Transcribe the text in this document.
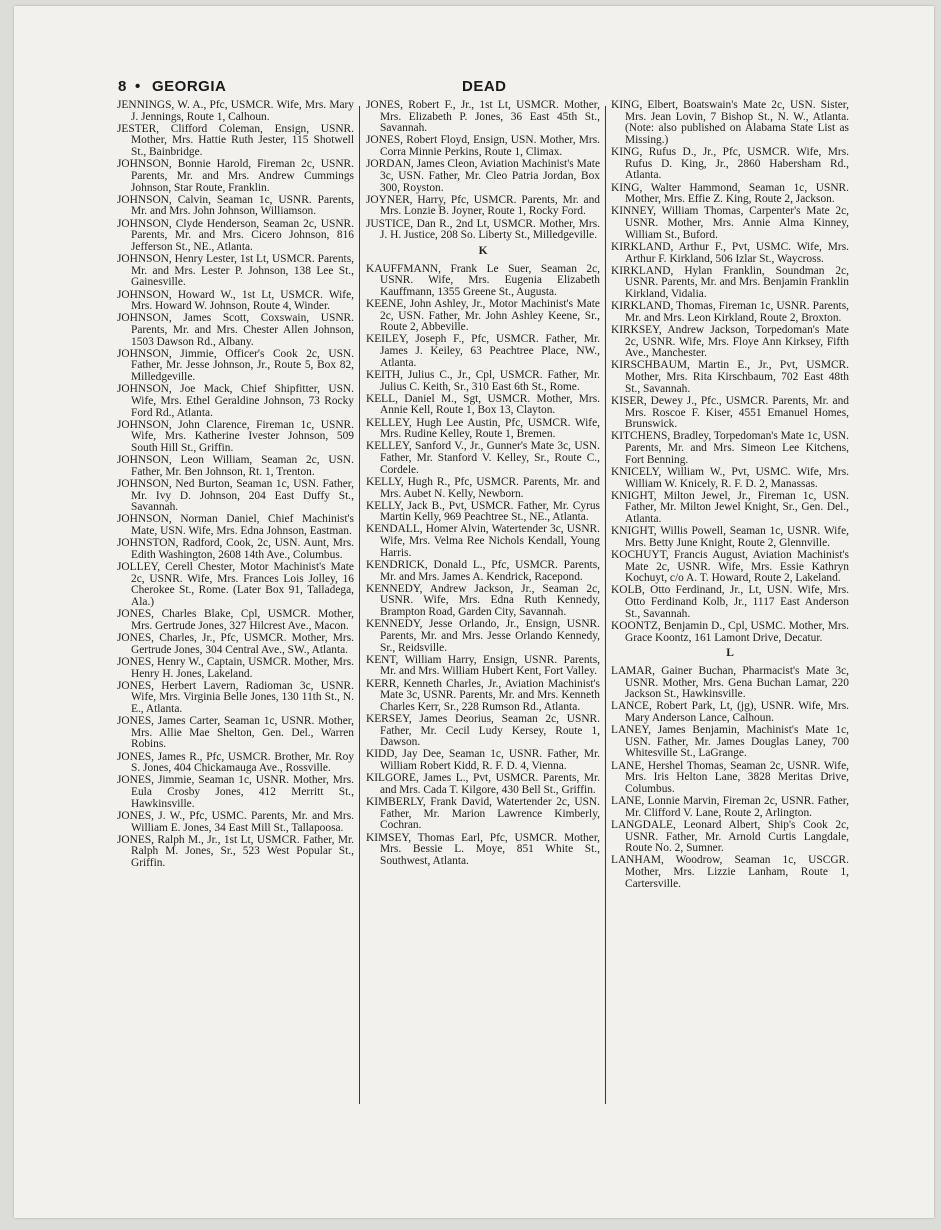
8 • GEORGIA	DEAD
JENNINGS, W. A., Pfc, USMCR. Wife, Mrs. Mary J. Jennings, Route 1, Calhoun.
JESTER, Clifford Coleman, Ensign, USNR. Mother, Mrs. Hattie Ruth Jester, 115 Shotwell St., Bainbridge.
JOHNSON, Bonnie Harold, Fireman 2c, USNR. Parents, Mr. and Mrs. Andrew Cummings Johnson, Star Route, Franklin.
JOHNSON, Calvin, Seaman 1c, USNR. Parents, Mr. and Mrs. John Johnson, Williamson.
JOHNSON, Clyde Henderson, Seaman 2c, USNR. Parents, Mr. and Mrs. Cicero Johnson, 816 Jefferson St., NE., Atlanta.
JOHNSON, Henry Lester, 1st Lt, USMCR. Parents, Mr. and Mrs. Lester P. Johnson, 138 Lee St., Gainesville.
JOHNSON, Howard W., 1st Lt, USMCR. Wife, Mrs. Howard W. Johnson, Route 4, Winder.
JOHNSON, James Scott, Coxswain, USNR. Parents, Mr. and Mrs. Chester Allen Johnson, 1503 Dawson Rd., Albany.
JOHNSON, Jimmie, Officer's Cook 2c, USN. Father, Mr. Jesse Johnson, Jr., Route 5, Box 82, Milledgeville.
JOHNSON, Joe Mack, Chief Shipfitter, USN. Wife, Mrs. Ethel Geraldine Johnson, 73 Rocky Ford Rd., Atlanta.
JOHNSON, John Clarence, Fireman 1c, USNR. Wife, Mrs. Katherine Ivester Johnson, 509 South Hill St., Griffin.
JOHNSON, Leon William, Seaman 2c, USN. Father, Mr. Ben Johnson, Rt. 1, Trenton.
JOHNSON, Ned Burton, Seaman 1c, USN. Father, Mr. Ivy D. Johnson, 204 East Duffy St., Savannah.
JOHNSON, Norman Daniel, Chief Machinist's Mate, USN. Wife, Mrs. Edna Johnson, Eastman.
JOHNSTON, Radford, Cook, 2c, USN. Aunt, Mrs. Edith Washington, 2608 14th Ave., Columbus.
JOLLEY, Cerell Chester, Motor Machinist's Mate 2c, USNR. Wife, Mrs. Frances Lois Jolley, 16 Cherokee St., Rome. (Later Box 91, Talladega, Ala.)
JONES, Charles Blake, Cpl, USMCR. Mother, Mrs. Gertrude Jones, 327 Hilcrest Ave., Macon.
JONES, Charles, Jr., Pfc, USMCR. Mother, Mrs. Gertrude Jones, 304 Central Ave., SW., Atlanta.
JONES, Henry W., Captain, USMCR. Mother, Mrs. Henry H. Jones, Lakeland.
JONES, Herbert Lavern, Radioman 3c, USNR. Wife, Mrs. Virginia Belle Jones, 130 11th St., N. E., Atlanta.
JONES, James Carter, Seaman 1c, USNR. Mother, Mrs. Allie Mae Shelton, Gen. Del., Warren Robins.
JONES, James R., Pfc, USMCR. Brother, Mr. Roy S. Jones, 404 Chickamauga Ave., Rossville.
JONES, Jimmie, Seaman 1c, USNR. Mother, Mrs. Eula Crosby Jones, 412 Merritt St., Hawkinsville.
JONES, J. W., Pfc, USMC. Parents, Mr. and Mrs. William E. Jones, 34 East Mill St., Tallapoosa.
JONES, Ralph M., Jr., 1st Lt, USMCR. Father, Mr. Ralph M. Jones, Sr., 523 West Popular St., Griffin.
JONES, Robert F., Jr., 1st Lt, USMCR. Mother, Mrs. Elizabeth P. Jones, 36 East 45th St., Savannah.
JONES, Robert Floyd, Ensign, USN. Mother, Mrs. Corra Minnie Perkins, Route 1, Climax.
JORDAN, James Cleon, Aviation Machinist's Mate 3c, USN. Father, Mr. Cleo Patria Jordan, Box 300, Royston.
JOYNER, Harry, Pfc, USMCR. Parents, Mr. and Mrs. Lonzie B. Joyner, Route 1, Rocky Ford.
JUSTICE, Dan R., 2nd Lt, USMCR. Mother, Mrs. J. H. Justice, 208 So. Liberty St., Milledgeville.
K
KAUFFMANN, Frank Le Suer, Seaman 2c, USNR. Wife, Mrs. Eugenia Elizabeth Kauffmann, 1355 Greene St., Augusta.
KEENE, John Ashley, Jr., Motor Machinist's Mate 2c, USN. Father, Mr. John Ashley Keene, Sr., Route 2, Abbeville.
KEILEY, Joseph F., Pfc, USMCR. Father, Mr. James J. Keiley, 63 Peachtree Place, NW., Atlanta.
KEITH, Julius C., Jr., Cpl, USMCR. Father, Mr. Julius C. Keith, Sr., 310 East 6th St., Rome.
KELL, Daniel M., Sgt, USMCR. Mother, Mrs. Annie Kell, Route 1, Box 13, Clayton.
KELLEY, Hugh Lee Austin, Pfc, USMCR. Wife, Mrs. Rudine Kelley, Route 1, Bremen.
KELLEY, Sanford V., Jr., Gunner's Mate 3c, USN. Father, Mr. Stanford V. Kelley, Sr., Route C., Cordele.
KELLY, Hugh R., Pfc, USMCR. Parents, Mr. and Mrs. Aubet N. Kelly, Newborn.
KELLY, Jack B., Pvt, USMCR. Father, Mr. Cyrus Martin Kelly, 969 Peachtree St., NE., Atlanta.
KENDALL, Homer Alvin, Watertender 3c, USNR. Wife, Mrs. Velma Ree Nichols Kendall, Young Harris.
KENDRICK, Donald L., Pfc, USMCR. Parents, Mr. and Mrs. James A. Kendrick, Racepond.
KENNEDY, Andrew Jackson, Jr., Seaman 2c, USNR. Wife, Mrs. Edna Ruth Kennedy, Brampton Road, Garden City, Savannah.
KENNEDY, Jesse Orlando, Jr., Ensign, USNR. Parents, Mr. and Mrs. Jesse Orlando Kennedy, Sr., Reidsville.
KENT, William Harry, Ensign, USNR. Parents, Mr. and Mrs. William Hubert Kent, Fort Valley.
KERR, Kenneth Charles, Jr., Aviation Machinist's Mate 3c, USNR. Parents, Mr. and Mrs. Kenneth Charles Kerr, Sr., 228 Rumson Rd., Atlanta.
KERSEY, James Deorius, Seaman 2c, USNR. Father, Mr. Cecil Ludy Kersey, Route 1, Dawson.
KIDD, Jay Dee, Seaman 1c, USNR. Father, Mr. William Robert Kidd, R. F. D. 4, Vienna.
KILGORE, James L., Pvt, USMCR. Parents, Mr. and Mrs. Cada T. Kilgore, 430 Bell St., Griffin.
KIMBERLY, Frank David, Watertender 2c, USN. Father, Mr. Marion Lawrence Kimberly, Cochran.
KIMSEY, Thomas Earl, Pfc, USMCR. Mother, Mrs. Bessie L. Moye, 851 White St., Southwest, Atlanta.
KING, Elbert, Boatswain's Mate 2c, USN. Sister, Mrs. Jean Lovin, 7 Bishop St., N. W., Atlanta. (Note: also published on Alabama State List as Missing.)
KING, Rufus D., Jr., Pfc, USMCR. Wife, Mrs. Rufus D. King, Jr., 2860 Habersham Rd., Atlanta.
KING, Walter Hammond, Seaman 1c, USNR. Mother, Mrs. Effie Z. King, Route 2, Jackson.
KINNEY, William Thomas, Carpenter's Mate 2c, USNR. Mother, Mrs. Annie Alma Kinney, William St., Buford.
KIRKLAND, Arthur F., Pvt, USMC. Wife, Mrs. Arthur F. Kirkland, 506 Izlar St., Waycross.
KIRKLAND, Hylan Franklin, Soundman 2c, USNR. Parents, Mr. and Mrs. Benjamin Franklin Kirkland, Vidalia.
KIRKLAND, Thomas, Fireman 1c, USNR. Parents, Mr. and Mrs. Leon Kirkland, Route 2, Broxton.
KIRKSEY, Andrew Jackson, Torpedoman's Mate 2c, USNR. Wife, Mrs. Floye Ann Kirksey, Fifth Ave., Manchester.
KIRSCHBAUM, Martin E., Jr., Pvt, USMCR. Mother, Mrs. Rita Kirschbaum, 702 East 48th St., Savannah.
KISER, Dewey J., Pfc., USMCR. Parents, Mr. and Mrs. Roscoe F. Kiser, 4551 Emanuel Homes, Brunswick.
KITCHENS, Bradley, Torpedoman's Mate 1c, USN. Parents, Mr. and Mrs. Simeon Lee Kitchens, Fort Benning.
KNICELY, William W., Pvt, USMC. Wife, Mrs. William W. Knicely, R. F. D. 2, Manassas.
KNIGHT, Milton Jewel, Jr., Fireman 1c, USN. Father, Mr. Milton Jewel Knight, Sr., Gen. Del., Atlanta.
KNIGHT, Willis Powell, Seaman 1c, USNR. Wife, Mrs. Betty June Knight, Route 2, Glennville.
KOCHUYT, Francis August, Aviation Machinist's Mate 2c, USNR. Wife, Mrs. Essie Kathryn Kochuyt, c/o A. T. Howard, Route 2, Lakeland.
KOLB, Otto Ferdinand, Jr., Lt, USN. Wife, Mrs. Otto Ferdinand Kolb, Jr., 1117 East Anderson St., Savannah.
KOONTZ, Benjamin D., Cpl, USMC. Mother, Mrs. Grace Koontz, 161 Lamont Drive, Decatur.
L
LAMAR, Gainer Buchan, Pharmacist's Mate 3c, USNR. Mother, Mrs. Gena Buchan Lamar, 220 Jackson St., Hawkinsville.
LANCE, Robert Park, Lt, (jg), USNR. Wife, Mrs. Mary Anderson Lance, Calhoun.
LANEY, James Benjamin, Machinist's Mate 1c, USN. Father, Mr. James Douglas Laney, 700 Whitesville St., LaGrange.
LANE, Hershel Thomas, Seaman 2c, USNR. Wife, Mrs. Iris Helton Lane, 3828 Meritas Drive, Columbus.
LANE, Lonnie Marvin, Fireman 2c, USNR. Father, Mr. Clifford V. Lane, Route 2, Arlington.
LANGDALE, Leonard Albert, Ship's Cook 2c, USNR. Father, Mr. Arnold Curtis Langdale, Route No. 2, Sumner.
LANHAM, Woodrow, Seaman 1c, USCGR. Mother, Mrs. Lizzie Lanham, Route 1, Cartersville.
